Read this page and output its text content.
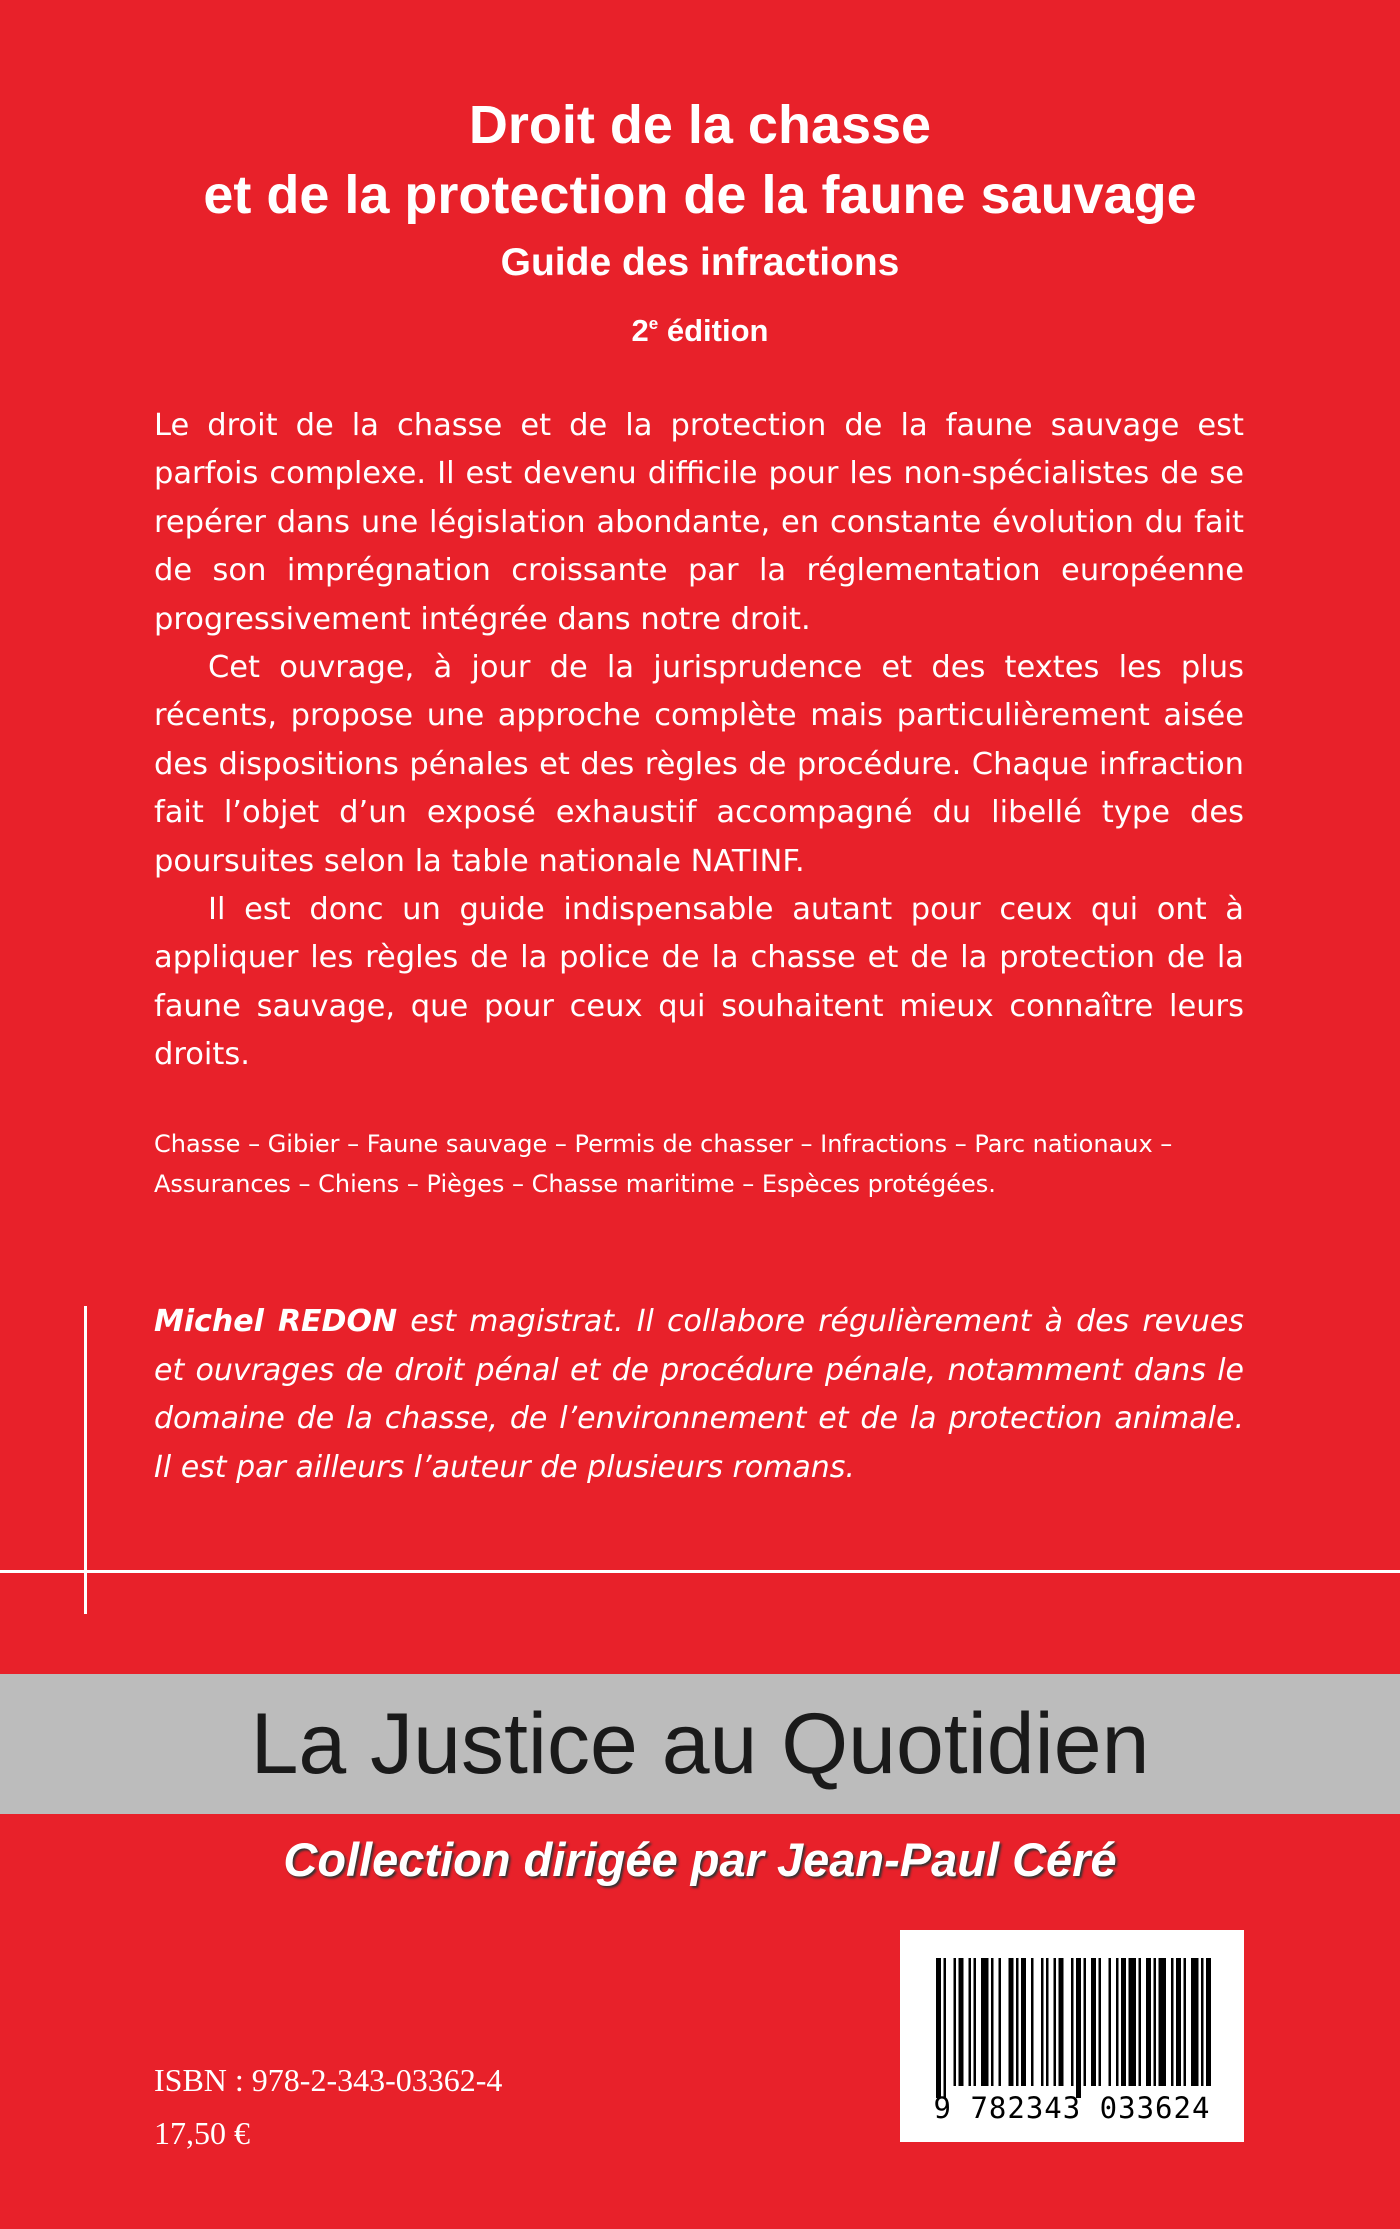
Droit de la chasse
et de la protection de la faune sauvage
Guide des infractions
2e édition

Le droit de la chasse et de la protection de la faune sauvage est parfois complexe. Il est devenu difficile pour les non-spécialistes de se repérer dans une législation abondante, en constante évolution du fait de son imprégnation croissante par la réglementation européenne progressivement intégrée dans notre droit.

Cet ouvrage, à jour de la jurisprudence et des textes les plus récents, propose une approche complète mais particulièrement aisée des dispositions pénales et des règles de procédure. Chaque infraction fait l’objet d’un exposé exhaustif accompagné du libellé type des poursuites selon la table nationale NATINF.

Il est donc un guide indispensable autant pour ceux qui ont à appliquer les règles de la police de la chasse et de la protection de la faune sauvage, que pour ceux qui souhaitent mieux connaître leurs droits.

Chasse – Gibier – Faune sauvage – Permis de chasser – Infractions – Parc nationaux –
Assurances – Chiens – Pièges – Chasse maritime – Espèces protégées.
Michel REDON est magistrat. Il collabore régulièrement à des revues et ouvrages de droit pénal et de procédure pénale, notamment dans le domaine de la chasse, de l’environnement et de la protection animale. Il est par ailleurs l’auteur de plusieurs romans.
La Justice au Quotidien
Collection dirigée par Jean-Paul Céré
ISBN : 978-2-343-03362-4
17,50 €
9 782343 033624
